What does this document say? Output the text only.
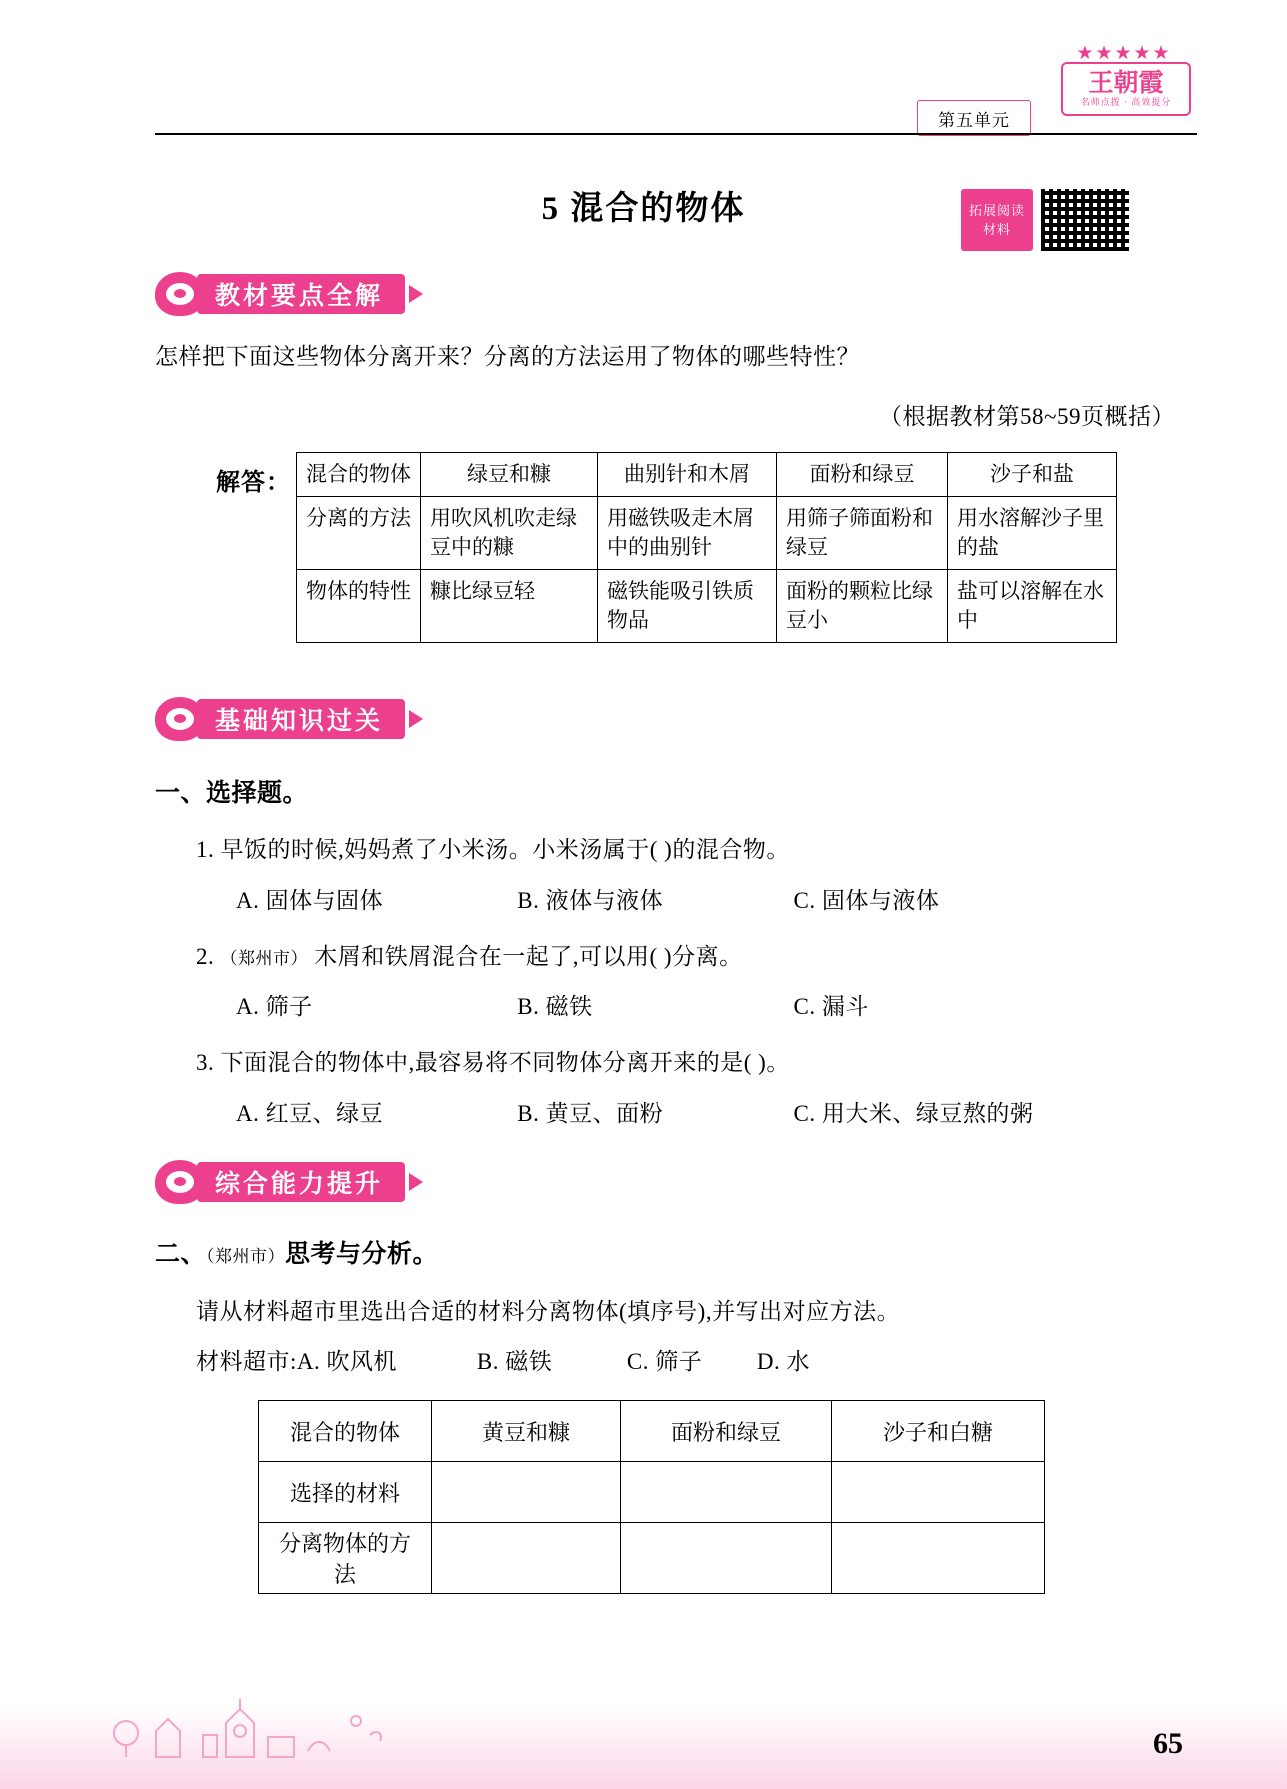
第五单元
★★★★★
王朝霞
名师点拨 · 高效提分
5 混合的物体	拓展阅读
材料
教材要点全解
怎样把下面这些物体分离开来？分离的方法运用了物体的哪些特性？
（根据教材第58~59页概括）
解答： 混合的物体	绿豆和糠	曲别针和木屑	面粉和绿豆	沙子和盐
分离的方法	用吹风机吹走绿豆中的糠	用磁铁吸走木屑中的曲别针	用筛子筛面粉和绿豆	用水溶解沙子里的盐
物体的特性	糠比绿豆轻	磁铁能吸引铁质物品	面粉的颗粒比绿豆小	盐可以溶解在水中
基础知识过关
一、选择题。
1. 早饭的时候,妈妈煮了小米汤。小米汤属于( )的混合物。
A. 固体与固体	B. 液体与液体	C. 固体与液体
2. （郑州市） 木屑和铁屑混合在一起了,可以用( )分离。
A. 筛子	B. 磁铁	C. 漏斗
3. 下面混合的物体中,最容易将不同物体分离开来的是( )。
A. 红豆、绿豆	B. 黄豆、面粉	C. 用大米、绿豆熬的粥
综合能力提升
二、（郑州市）思考与分析。
请从材料超市里选出合适的材料分离物体(填序号),并写出对应方法。
材料超市:A. 吹风机	B. 磁铁	C. 筛子 D. 水
混合的物体	黄豆和糠	面粉和绿豆	沙子和白糖
选择的材料			
分离物体的方法			
65
